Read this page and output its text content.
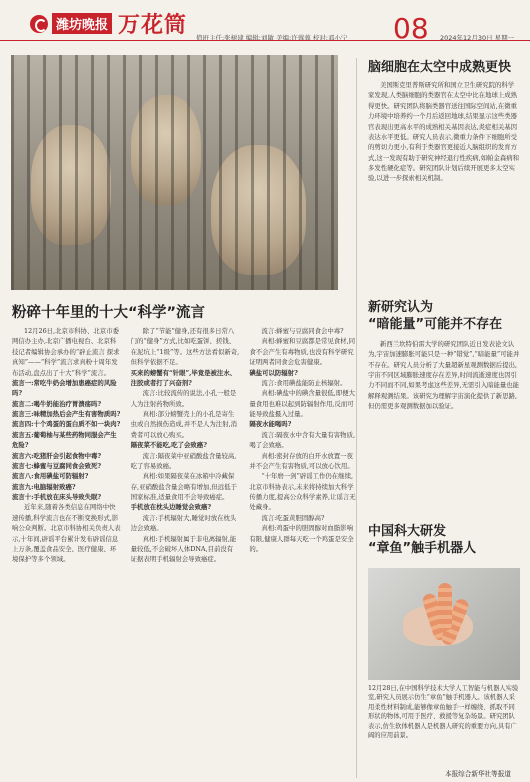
潍坊晚报 万花筒	08
值班主任:张树建 编辑:刘敏 美编:许蓉蓉 校对:邓小宁	2024年12月30日 星期一
粉碎十年里的十大“科学”流言

12月26日,北京市科协、北京市委网信办主办,北京广播电视台、北京科技记者编辑协会承办的“辟止流言 探求真知”——“科学”流言求真粉十周年发布活动,盘点出了十大“科学”流言。

流言一:常吃牛奶会增加患癌症的风险吗?

流言二:喝牛奶能治疗胃溃疡吗?

流言三:味精加热后会产生有害物质吗?

流言四:十个鸡蛋的蛋白质不如一块肉?

流言五:葡萄柚与某些药物同服会产生危险?

流言六:吃猪肝会引起食物中毒?

流言七:蜂蜜与豆腐同食会致死?

流言八:食用碘盐可防辐射?

流言九:电脑辐射致癌?

流言十:手机放在床头导致失眠?

近年来,随着各类信息在网络中快速传播,科学流言也在不断变换形式,影响公众判断。北京市科协相关负责人表示,十年间,辟谣平台累计发布辟谣信息上万条,覆盖食品安全、医疗健康、环境保护等多个领域。

除了“节能”健身,还有很多日常八门的“健身”方式,比如吃蛋饼、搓钱、在泥坑上“1级”等。这些方法看似新奇,但科学依据不足。

买来的螃蟹有“针眼”,毕竟是被注水、注胶或者打了兴奋剂?

流言:比较流传的说法,小孔一般是人为注射药物所致。

真相:部分螃蟹壳上的小孔是寄生虫或自然损伤造成,并不是人为注射,消费者可以放心购买。

隔夜菜不能吃,吃了会致癌?

流言:隔夜菜中亚硝酸盐含量较高,吃了容易致癌。

真相:如果隔夜菜在冰箱中冷藏保存,亚硝酸盐含量会略有增加,但远低于国家标准,适量食用不会导致癌症。

手机放在枕头边睡觉会致癌?

流言:手机辐射大,睡觉时放在枕头边会致癌。

真相:手机辐射属于非电离辐射,能量较低,不会破坏人体DNA,目前没有证据表明手机辐射会导致癌症。

流言:蜂蜜与豆腐同食会中毒?

真相:蜂蜜和豆腐都是常见食材,同食不会产生有毒物质,也没有科学研究证明两者同食会危害健康。

碘盐可以防辐射?

流言:食用碘盐能防止核辐射。

真相:碘盐中的碘含量很低,即便大量食用也难以起到防辐射作用,反而可能导致盐摄入过量。

隔夜水能喝吗?

流言:隔夜水中含有大量有害物质,喝了会致癌。

真相:密封存放的白开水放置一夜并不会产生有害物质,可以放心饮用。

“十年磨一剑”辟谣工作仍在继续,北京市科协表示,未来将持续加大科学传播力度,提高公众科学素养,让谣言无处藏身。

流言:吃蛋黄胆固醇高?

真相:鸡蛋中的胆固醇对血脂影响有限,健康人群每天吃一个鸡蛋是安全的。

脑细胞在太空中成熟更快
美国斯克里普斯研究所和国立卫生研究院的科学家发现,人类脑细胞的类器官在太空中比在地球上成熟得更快。研究团队将脑类器官送往国际空间站,在微重力环境中培养约一个月后返回地球,结果显示这些类器官表现出更高水平的成熟相关基因表达,炎症相关基因表达水平更低。研究人员表示,微重力条件下细胞所受的剪切力更小,有利于类器官更接近人脑组织的发育方式,这一发现有助于研究神经退行性疾病,如帕金森病和多发性硬化症等。研究团队计划后续开展更多太空实验,以进一步探索相关机制。
新研究认为
“暗能量”可能并不存在
新西兰坎特伯雷大学的研究团队近日发表论文认为,宇宙加速膨胀可能只是一种“错觉”,“暗能量”可能并不存在。研究人员分析了大量超新星观测数据后提出,宇宙不同区域膨胀速度存在差异,时间流逝速度也因引力不同而不同,如果考虑这些差异,无需引入暗能量也能解释观测结果。该研究为理解宇宙演化提供了新思路,但仍需更多观测数据加以验证。
中国科大研发
“章鱼”触手机器人
12月28日,在中国科学技术大学人工智能与机器人实验室,研究人员展示仿生“章鱼”触手机器人。该机器人采用柔性材料制成,能够像章鱼触手一样缠绕、抓取不同形状的物体,可用于医疗、救援等复杂场景。研究团队表示,仿生软体机器人是机器人研究的重要方向,具有广阔的应用前景。
本报综合新华社等报道
